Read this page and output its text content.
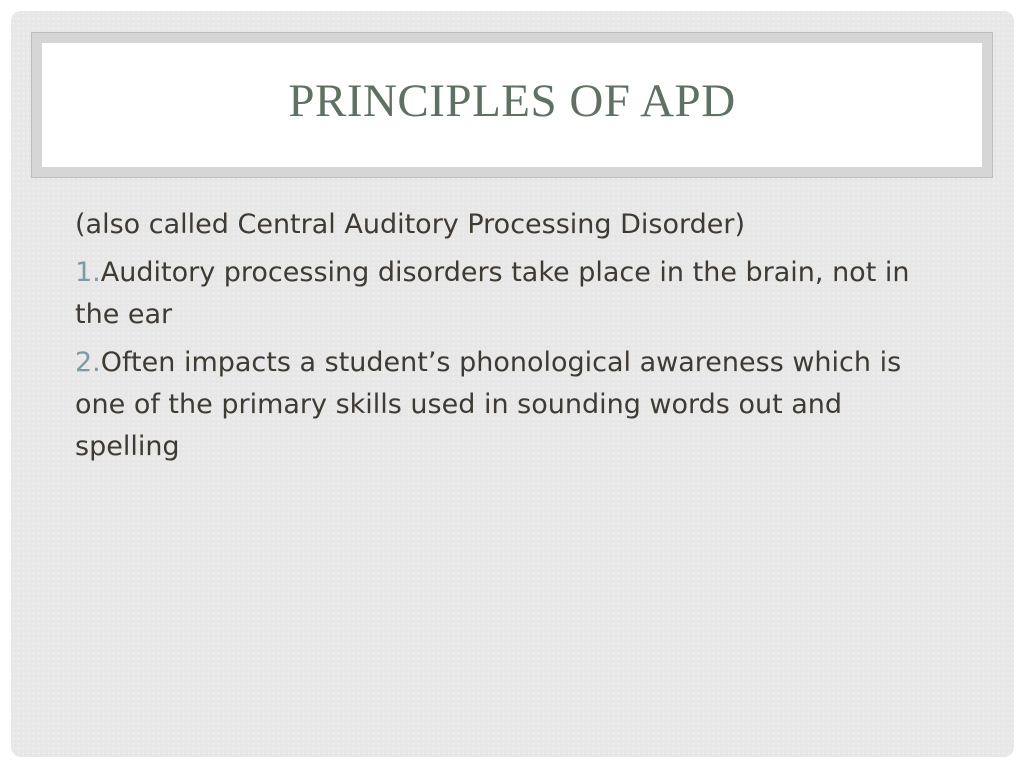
PRINCIPLES OF APD

(also called Central Auditory Processing Disorder)

1.Auditory processing disorders take place in the brain, not in the ear

2.Often impacts a student’s phonological awareness which is one of the primary skills used in sounding words out and spelling
